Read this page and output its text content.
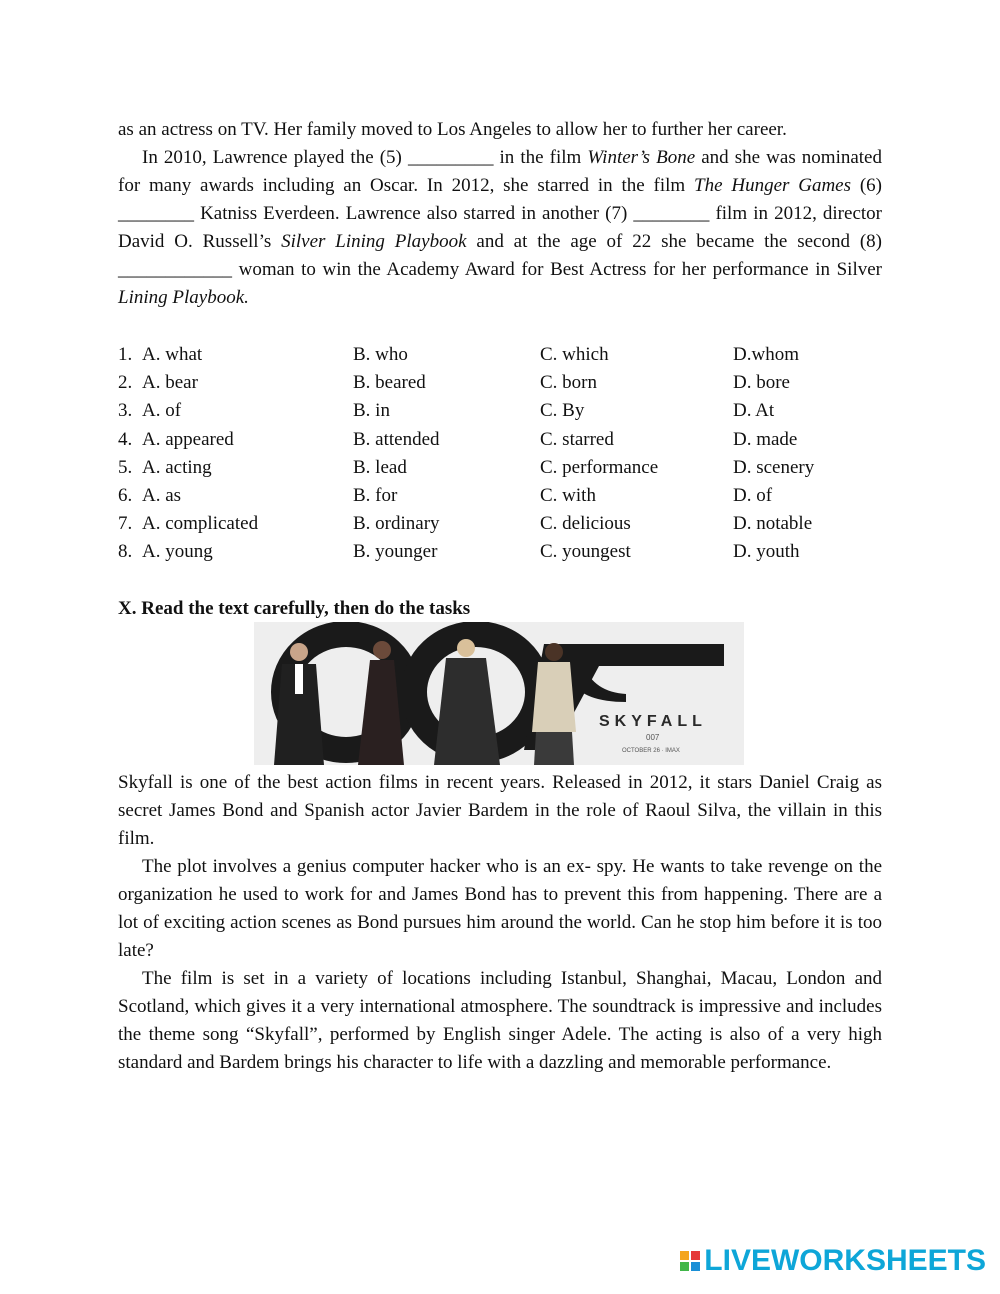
as an actress on TV. Her family moved to Los Angeles to allow her to further her career.

In 2010, Lawrence played the (5) _________ in the film Winter’s Bone and she was nominated for many awards including an Oscar. In 2012, she starred in the film The Hunger Games (6) ________ Katniss Everdeen. Lawrence also starred in another (7) ________ film in 2012, director David O. Russell’s Silver Lining Playbook and at the age of 22 she became the second (8) ____________ woman to win the Academy Award for Best Actress for her performance in Silver Lining Playbook.

1. A. what	B. who	C. which	D.whom
2. A. bear	B. beared	C. born	D. bore
3. A. of	B. in	C. By	D. At
4. A. appeared	B. attended	C. starred	D. made
5. A. acting	B. lead	C. performance	D. scenery
6. A. as	B. for	C. with	D. of
7. A. complicated	B. ordinary	C. delicious	D. notable
8. A. young	B. younger	C. youngest	D. youth

X. Read the text carefully, then do the tasks

SKYFALL
007
OCTOBER 26 · IMAX

Skyfall is one of the best action films in recent years. Released in 2012, it stars Daniel Craig as secret James Bond and Spanish actor Javier Bardem in the role of Raoul Silva, the villain in this film.

The plot involves a genius computer hacker who is an ex- spy. He wants to take revenge on the organization he used to work for and James Bond has to prevent this from happening. There are a lot of exciting action scenes as Bond pursues him around the world. Can he stop him before it is too late?

The film is set in a variety of locations including Istanbul, Shanghai, Macau, London and Scotland, which gives it a very international atmosphere. The soundtrack is impressive and includes the theme song “Skyfall”, performed by English singer Adele. The acting is also of a very high standard and Bardem brings his character to life with a dazzling and memorable performance.

LIVEWORKSHEETS
